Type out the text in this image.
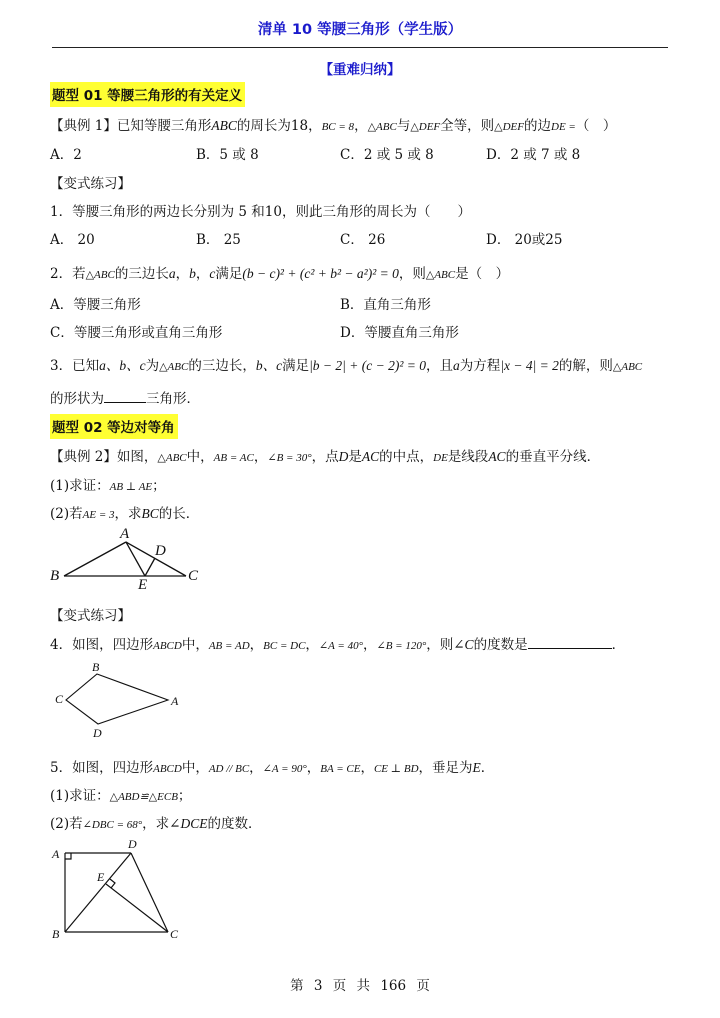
清单 10 等腰三角形（学生版）
【重难归纳】
题型 01 等腰三角形的有关定义
【典例 1】已知等腰三角形ABC的周长为18，BC = 8，△ABC与△DEF全等，则△DEF的边DE =（　）
A．2	B．5 或 8	C．2 或 5 或 8	D．2 或 7 或 8
【变式练习】
1．等腰三角形的两边长分别为 5 和10，则此三角形的周长为（　　）
A． 20	B． 25	C． 26	D． 20或25
2．若△ABC的三边长a，b，c满足(b − c)² + (c² + b² − a²)² = 0，则△ABC是（　）
A．等腰三角形	B．直角三角形
C．等腰三角形或直角三角形	D．等腰直角三角形
3．已知a、b、c为△ABC的三边长，b、c满足|b − 2| + (c − 2)² = 0，且a为方程|x − 4| = 2的解，则△ABC
的形状为	三角形．
题型 02 等边对等角
【典例 2】如图，△ABC中，AB = AC，∠B = 30°，点D是AC的中点，DE是线段AC的垂直平分线．
(1)求证：AB ⊥ AE；
(2)若AE = 3，求BC的长．
A
B	C
D
E
【变式练习】
4．如图，四边形ABCD中，AB = AD，BC = DC，∠A = 40°，∠B = 120°，则∠C的度数是	．
B
C	A
D
5．如图，四边形ABCD中，AD // BC，∠A = 90°，BA = CE，CE ⊥ BD，垂足为E．
(1)求证：△ABD≌△ECB；
(2)若∠DBC = 68°，求∠DCE的度数．
A
D
E
B	C
第 3 页 共 166 页
